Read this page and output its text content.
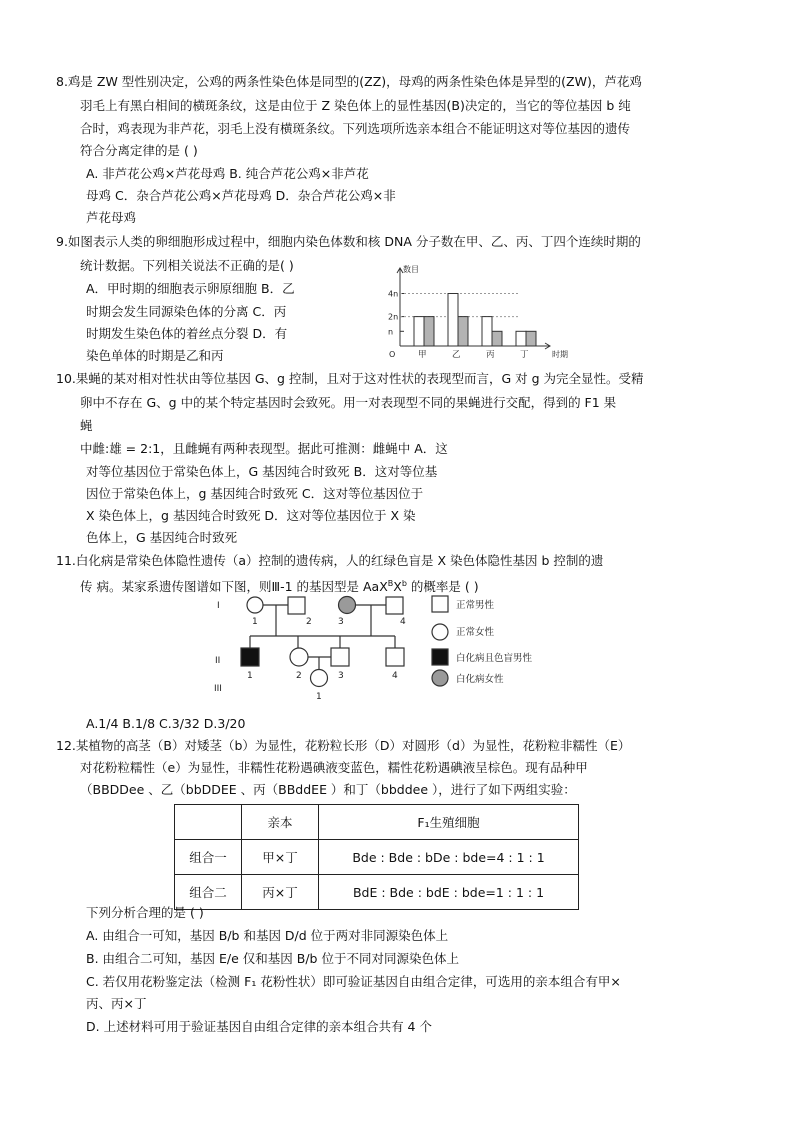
8.鸡是 ZW 型性别决定，公鸡的两条性染色体是同型的(ZZ)，母鸡的两条性染色体是异型的(ZW)，芦花鸡
羽毛上有黑白相间的横斑条纹，这是由位于 Z 染色体上的显性基因(B)决定的，当它的等位基因 b 纯
合时，鸡表现为非芦花，羽毛上没有横斑条纹。下列选项所选亲本组合不能证明这对等位基因的遗传
符合分离定律的是 ( )
A. 非芦花公鸡×芦花母鸡 B. 纯合芦花公鸡×非芦花
母鸡 C．杂合芦花公鸡×芦花母鸡 D．杂合芦花公鸡×非
芦花母鸡
9.如图表示人类的卵细胞形成过程中，细胞内染色体数和核 DNA 分子数在甲、乙、丙、丁四个连续时期的
统计数据。下列相关说法不正确的是( )
A．甲时期的细胞表示卵原细胞 B．乙
时期会发生同源染色体的分离 C．丙
时期发生染色体的着丝点分裂 D．有
染色单体的时期是乙和丙
n
2n
4n
数目
时期
O	甲	乙	丙	丁
10.果蝇的某对相对性状由等位基因 G、g 控制，且对于这对性状的表现型而言，G 对 g 为完全显性。受精
卵中不存在 G、g 中的某个特定基因时会致死。用一对表现型不同的果蝇进行交配，得到的 F1 果
蝇
中雌:雄 = 2:1，且雌蝇有两种表现型。据此可推测：雌蝇中 A．这
对等位基因位于常染色体上，G 基因纯合时致死 B．这对等位基
因位于常染色体上，g 基因纯合时致死 C．这对等位基因位于
X 染色体上，g 基因纯合时致死 D．这对等位基因位于 X 染
色体上，G 基因纯合时致死
11.白化病是常染色体隐性遗传（a）控制的遗传病，人的红绿色盲是 X 染色体隐性基因 b 控制的遗
传 病。某家系遗传图谱如下图，则Ⅲ-1 的基因型是 $AaX^BX^b$ 的概率是 ( )
I
II
III
1	2	3	4
1	2	3	4
1
正常男性
正常女性
白化病且色盲男性
白化病女性
A.1/4 B.1/8 C.3/32 D.3/20
12.某植物的高茎（B）对矮茎（b）为显性，花粉粒长形（D）对圆形（d）为显性，花粉粒非糯性（E）
对花粉粒糯性（e）为显性，非糯性花粉遇碘液变蓝色，糯性花粉遇碘液呈棕色。现有品种甲
（BBDDee 、乙（bbDDEE 、丙（BBddEE ）和丁（bbddee ），进行了如下两组实验：
	亲本	F₁生殖细胞
组合一	甲×丁	Bde : Bde : bDe : bde=4 : 1 : 1
组合二	丙×丁	BdE : Bde : bdE : bde=1 : 1 : 1
下列分析合理的是 ( )
A. 由组合一可知，基因 B/b 和基因 D/d 位于两对非同源染色体上
B. 由组合二可知，基因 E/e 仅和基因 B/b 位于不同对同源染色体上
C. 若仅用花粉鉴定法（检测 F₁ 花粉性状）即可验证基因自由组合定律，可选用的亲本组合有甲×
丙、丙×丁
D. 上述材料可用于验证基因自由组合定律的亲本组合共有 4 个
